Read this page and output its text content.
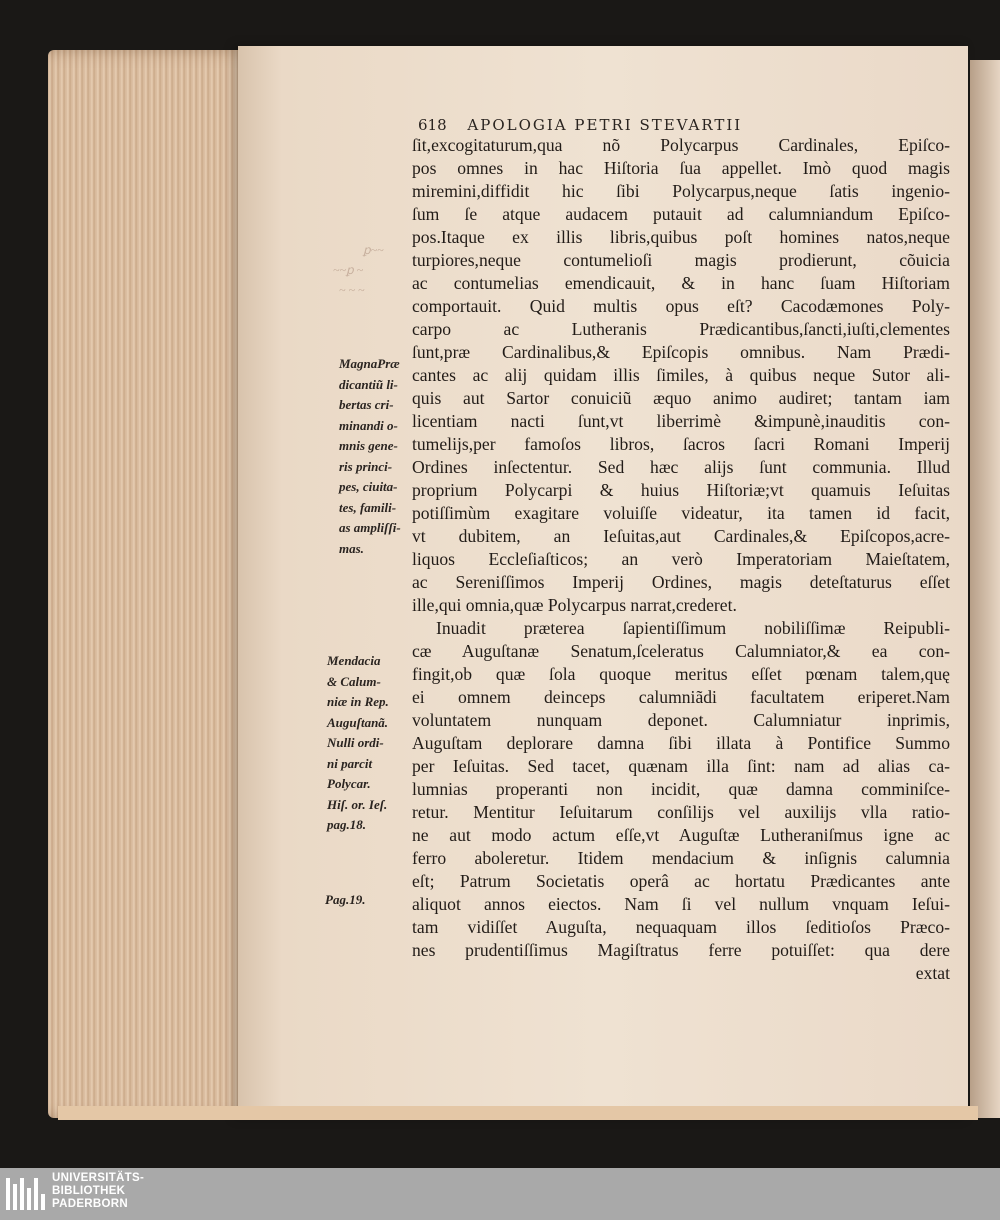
ꝑ~~
~~ꝑ ~
~ ~ ~
618 APOLOGIA PETRI STEVARTII
ſit,excogitaturum,qua nõ Polycarpus Cardinales, Epiſco-
pos omnes in hac Hiſtoria ſua appellet. Imò quod magis
miremini,diffidit hic ſibi Polycarpus,neque ſatis ingenio-
ſum ſe atque audacem putauit ad calumniandum Epiſco-
pos.Itaque ex illis libris,quibus poſt homines natos,neque
turpiores,neque contumelioſi magis prodierunt, cõuicia
ac contumelias emendicauit, & in hanc ſuam Hiſtoriam
comportauit. Quid multis opus eſt? Cacodæmones Poly-
carpo ac Lutheranis Prædicantibus,ſancti,iuſti,clementes
ſunt,præ Cardinalibus,& Epiſcopis omnibus. Nam Prædi-
cantes ac alij quidam illis ſimiles, à quibus neque Sutor ali-
quis aut Sartor conuiciũ æquo animo audiret; tantam iam
licentiam nacti ſunt,vt liberrimè &impunè,inauditis con-
tumelijs,per famoſos libros, ſacros ſacri Romani Imperij
Ordines inſectentur. Sed hæc alijs ſunt communia. Illud
proprium Polycarpi & huius Hiſtoriæ;vt quamuis Ieſuitas
potiſſimùm exagitare voluiſſe videatur, ita tamen id facit,
vt dubitem, an Ieſuitas,aut Cardinales,& Epiſcopos,acre-
liquos Eccleſiaſticos; an verò Imperatoriam Maieſtatem,
ac Sereniſſimos Imperij Ordines, magis deteſtaturus eſſet
ille,qui omnia,quæ Polycarpus narrat,crederet.
Inuadit præterea ſapientiſſimum nobiliſſimæ Reipubli-
cæ Auguſtanæ Senatum,ſceleratus Calumniator,& ea con-
fingit,ob quæ ſola quoque meritus eſſet pœnam talem,quę
ei omnem deinceps calumniãdi facultatem eriperet.Nam
voluntatem nunquam deponet. Calumniatur inprimis,
Auguſtam deplorare damna ſibi illata à Pontifice Summo
per Ieſuitas. Sed tacet, quænam illa ſint: nam ad alias ca-
lumnias properanti non incidit, quæ damna comminiſce-
retur. Mentitur Ieſuitarum conſilijs vel auxilijs vlla ratio-
ne aut modo actum eſſe,vt Auguſtæ Lutheraniſmus igne ac
ferro aboleretur. Itidem mendacium & inſignis calumnia
eſt; Patrum Societatis operâ ac hortatu Prædicantes ante
aliquot annos eiectos. Nam ſi vel nullum vnquam Ieſui-
tam vidiſſet Auguſta, nequaquam illos ſeditioſos Præco-
nes prudentiſſimus Magiſtratus ferre potuiſſet: qua dere
extat
MagnaPræ
dicantiũ li-
bertas cri-
minandi o-
mnis gene-
ris princi-
pes, ciuita-
tes, famili-
as ampliſſi-
mas.
Mendacia
& Calum-
niæ in Rep.
Auguſtanã.
Nulli ordi-
ni parcit
Polycar.
Hiſ. or. Ieſ.
pag.18.
Pag.19.
UNIVERSITÄTS-
BIBLIOTHEK
PADERBORN
